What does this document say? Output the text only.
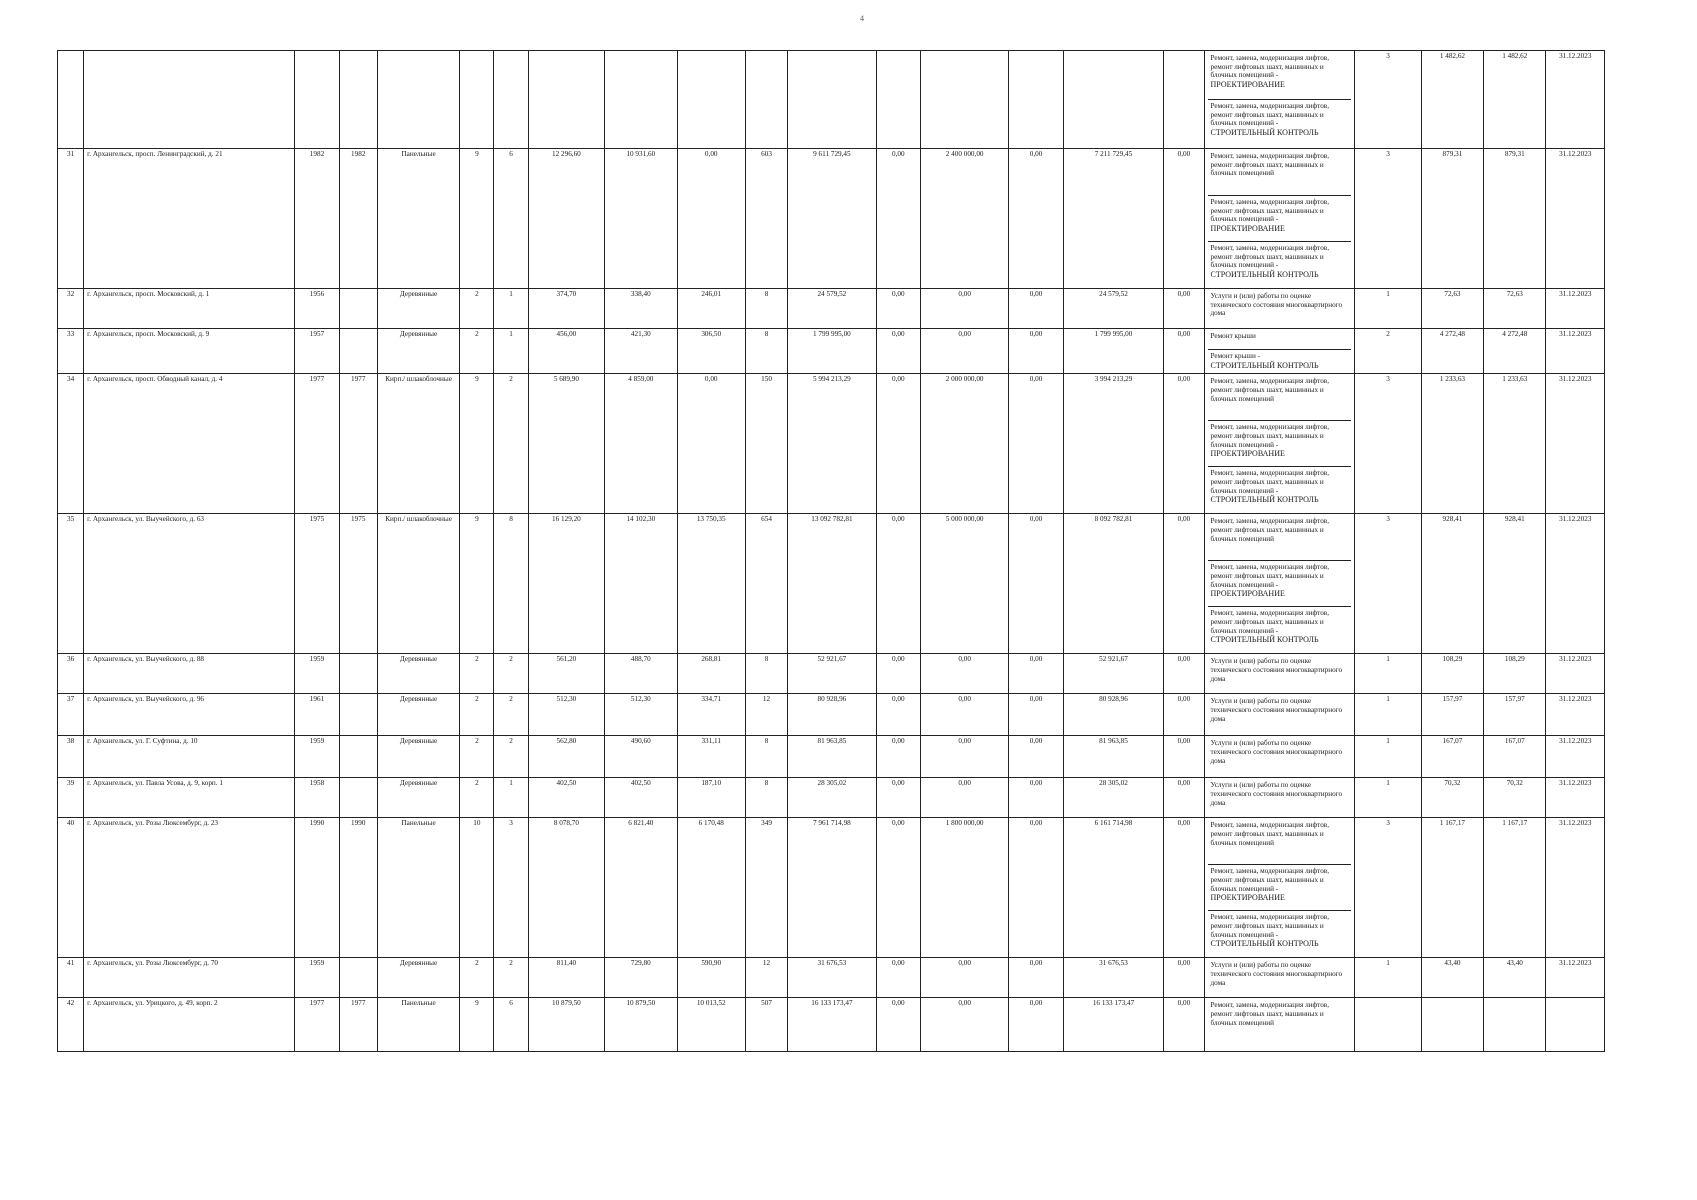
4

																	Ремонт, замена, модернизация лифтов, ремонт лифтовых шахт, машинных и блочных помещений -
ПРОЕКТИРОВАНИЕ
Ремонт, замена, модернизация лифтов, ремонт лифтовых шахт, машинных и блочных помещений -
СТРОИТЕЛЬНЫЙ КОНТРОЛЬ	3	1 482,62	1 482,62	31.12.2023
31	г. Архангельск, просп. Ленинградский, д. 21	1982	1982	Панельные	9	6	12 296,60	10 931,60	0,00	603	9 611 729,45	0,00	2 400 000,00	0,00	7 211 729,45	0,00	Ремонт, замена, модернизация лифтов, ремонт лифтовых шахт, машинных и блочных помещений
Ремонт, замена, модернизация лифтов, ремонт лифтовых шахт, машинных и блочных помещений -
ПРОЕКТИРОВАНИЕ
Ремонт, замена, модернизация лифтов, ремонт лифтовых шахт, машинных и блочных помещений -
СТРОИТЕЛЬНЫЙ КОНТРОЛЬ	3	879,31	879,31	31.12.2023
32	г. Архангельск, просп. Московский, д. 1	1956		Деревянные	2	1	374,70	338,40	246,01	8	24 579,52	0,00	0,00	0,00	24 579,52	0,00	Услуги и (или) работы по оценке технического состояния многоквартирного дома	1	72,63	72,63	31.12.2023
33	г. Архангельск, просп. Московский, д. 9	1957		Деревянные	2	1	456,00	421,30	306,50	8	1 799 995,00	0,00	0,00	0,00	1 799 995,00	0,00	Ремонт крыши
Ремонт крыши -
СТРОИТЕЛЬНЫЙ КОНТРОЛЬ	2	4 272,48	4 272,48	31.12.2023
34	г. Архангельск, просп. Обводный канал, д. 4	1977	1977	Кирп./ шлакоблочные	9	2	5 689,90	4 859,00	0,00	150	5 994 213,29	0,00	2 000 000,00	0,00	3 994 213,29	0,00	Ремонт, замена, модернизация лифтов, ремонт лифтовых шахт, машинных и блочных помещений
Ремонт, замена, модернизация лифтов, ремонт лифтовых шахт, машинных и блочных помещений -
ПРОЕКТИРОВАНИЕ
Ремонт, замена, модернизация лифтов, ремонт лифтовых шахт, машинных и блочных помещений -
СТРОИТЕЛЬНЫЙ КОНТРОЛЬ	3	1 233,63	1 233,63	31.12.2023
35	г. Архангельск, ул. Выучейского, д. 63	1975	1975	Кирп./ шлакоблочные	9	8	16 129,20	14 102,30	13 750,35	654	13 092 782,81	0,00	5 000 000,00	0,00	8 092 782,81	0,00	Ремонт, замена, модернизация лифтов, ремонт лифтовых шахт, машинных и блочных помещений
Ремонт, замена, модернизация лифтов, ремонт лифтовых шахт, машинных и блочных помещений -
ПРОЕКТИРОВАНИЕ
Ремонт, замена, модернизация лифтов, ремонт лифтовых шахт, машинных и блочных помещений -
СТРОИТЕЛЬНЫЙ КОНТРОЛЬ	3	928,41	928,41	31.12.2023
36	г. Архангельск, ул. Выучейского, д. 88	1959		Деревянные	2	2	561,20	488,70	268,81	8	52 921,67	0,00	0,00	0,00	52 921,67	0,00	Услуги и (или) работы по оценке технического состояния многоквартирного дома	1	108,29	108,29	31.12.2023
37	г. Архангельск, ул. Выучейского, д. 96	1961		Деревянные	2	2	512,30	512,30	334,71	12	80 928,96	0,00	0,00	0,00	80 928,96	0,00	Услуги и (или) работы по оценке технического состояния многоквартирного дома	1	157,97	157,97	31.12.2023
38	г. Архангельск, ул. Г. Суфтина, д. 10	1959		Деревянные	2	2	562,80	490,60	331,11	8	81 963,85	0,00	0,00	0,00	81 963,85	0,00	Услуги и (или) работы по оценке технического состояния многоквартирного дома	1	167,07	167,07	31.12.2023
39	г. Архангельск, ул. Павла Усова, д. 9, корп. 1	1958		Деревянные	2	1	402,50	402,50	187,10	8	28 305,02	0,00	0,00	0,00	28 305,02	0,00	Услуги и (или) работы по оценке технического состояния многоквартирного дома	1	70,32	70,32	31.12.2023
40	г. Архангельск, ул. Розы Люксембург, д. 23	1990	1990	Панельные	10	3	8 078,70	6 821,40	6 170,48	349	7 961 714,98	0,00	1 800 000,00	0,00	6 161 714,98	0,00	Ремонт, замена, модернизация лифтов, ремонт лифтовых шахт, машинных и блочных помещений
Ремонт, замена, модернизация лифтов, ремонт лифтовых шахт, машинных и блочных помещений -
ПРОЕКТИРОВАНИЕ
Ремонт, замена, модернизация лифтов, ремонт лифтовых шахт, машинных и блочных помещений -
СТРОИТЕЛЬНЫЙ КОНТРОЛЬ	3	1 167,17	1 167,17	31.12.2023
41	г. Архангельск, ул. Розы Люксембург, д. 70	1959		Деревянные	2	2	811,40	729,80	590,90	12	31 676,53	0,00	0,00	0,00	31 676,53	0,00	Услуги и (или) работы по оценке технического состояния многоквартирного дома	1	43,40	43,40	31.12.2023
42	г. Архангельск, ул. Урицкого, д. 49, корп. 2	1977	1977	Панельные	9	6	10 879,50	10 879,50	10 013,52	507	16 133 173,47	0,00	0,00	0,00	16 133 173,47	0,00	Ремонт, замена, модернизация лифтов, ремонт лифтовых шахт, машинных и блочных помещений				
